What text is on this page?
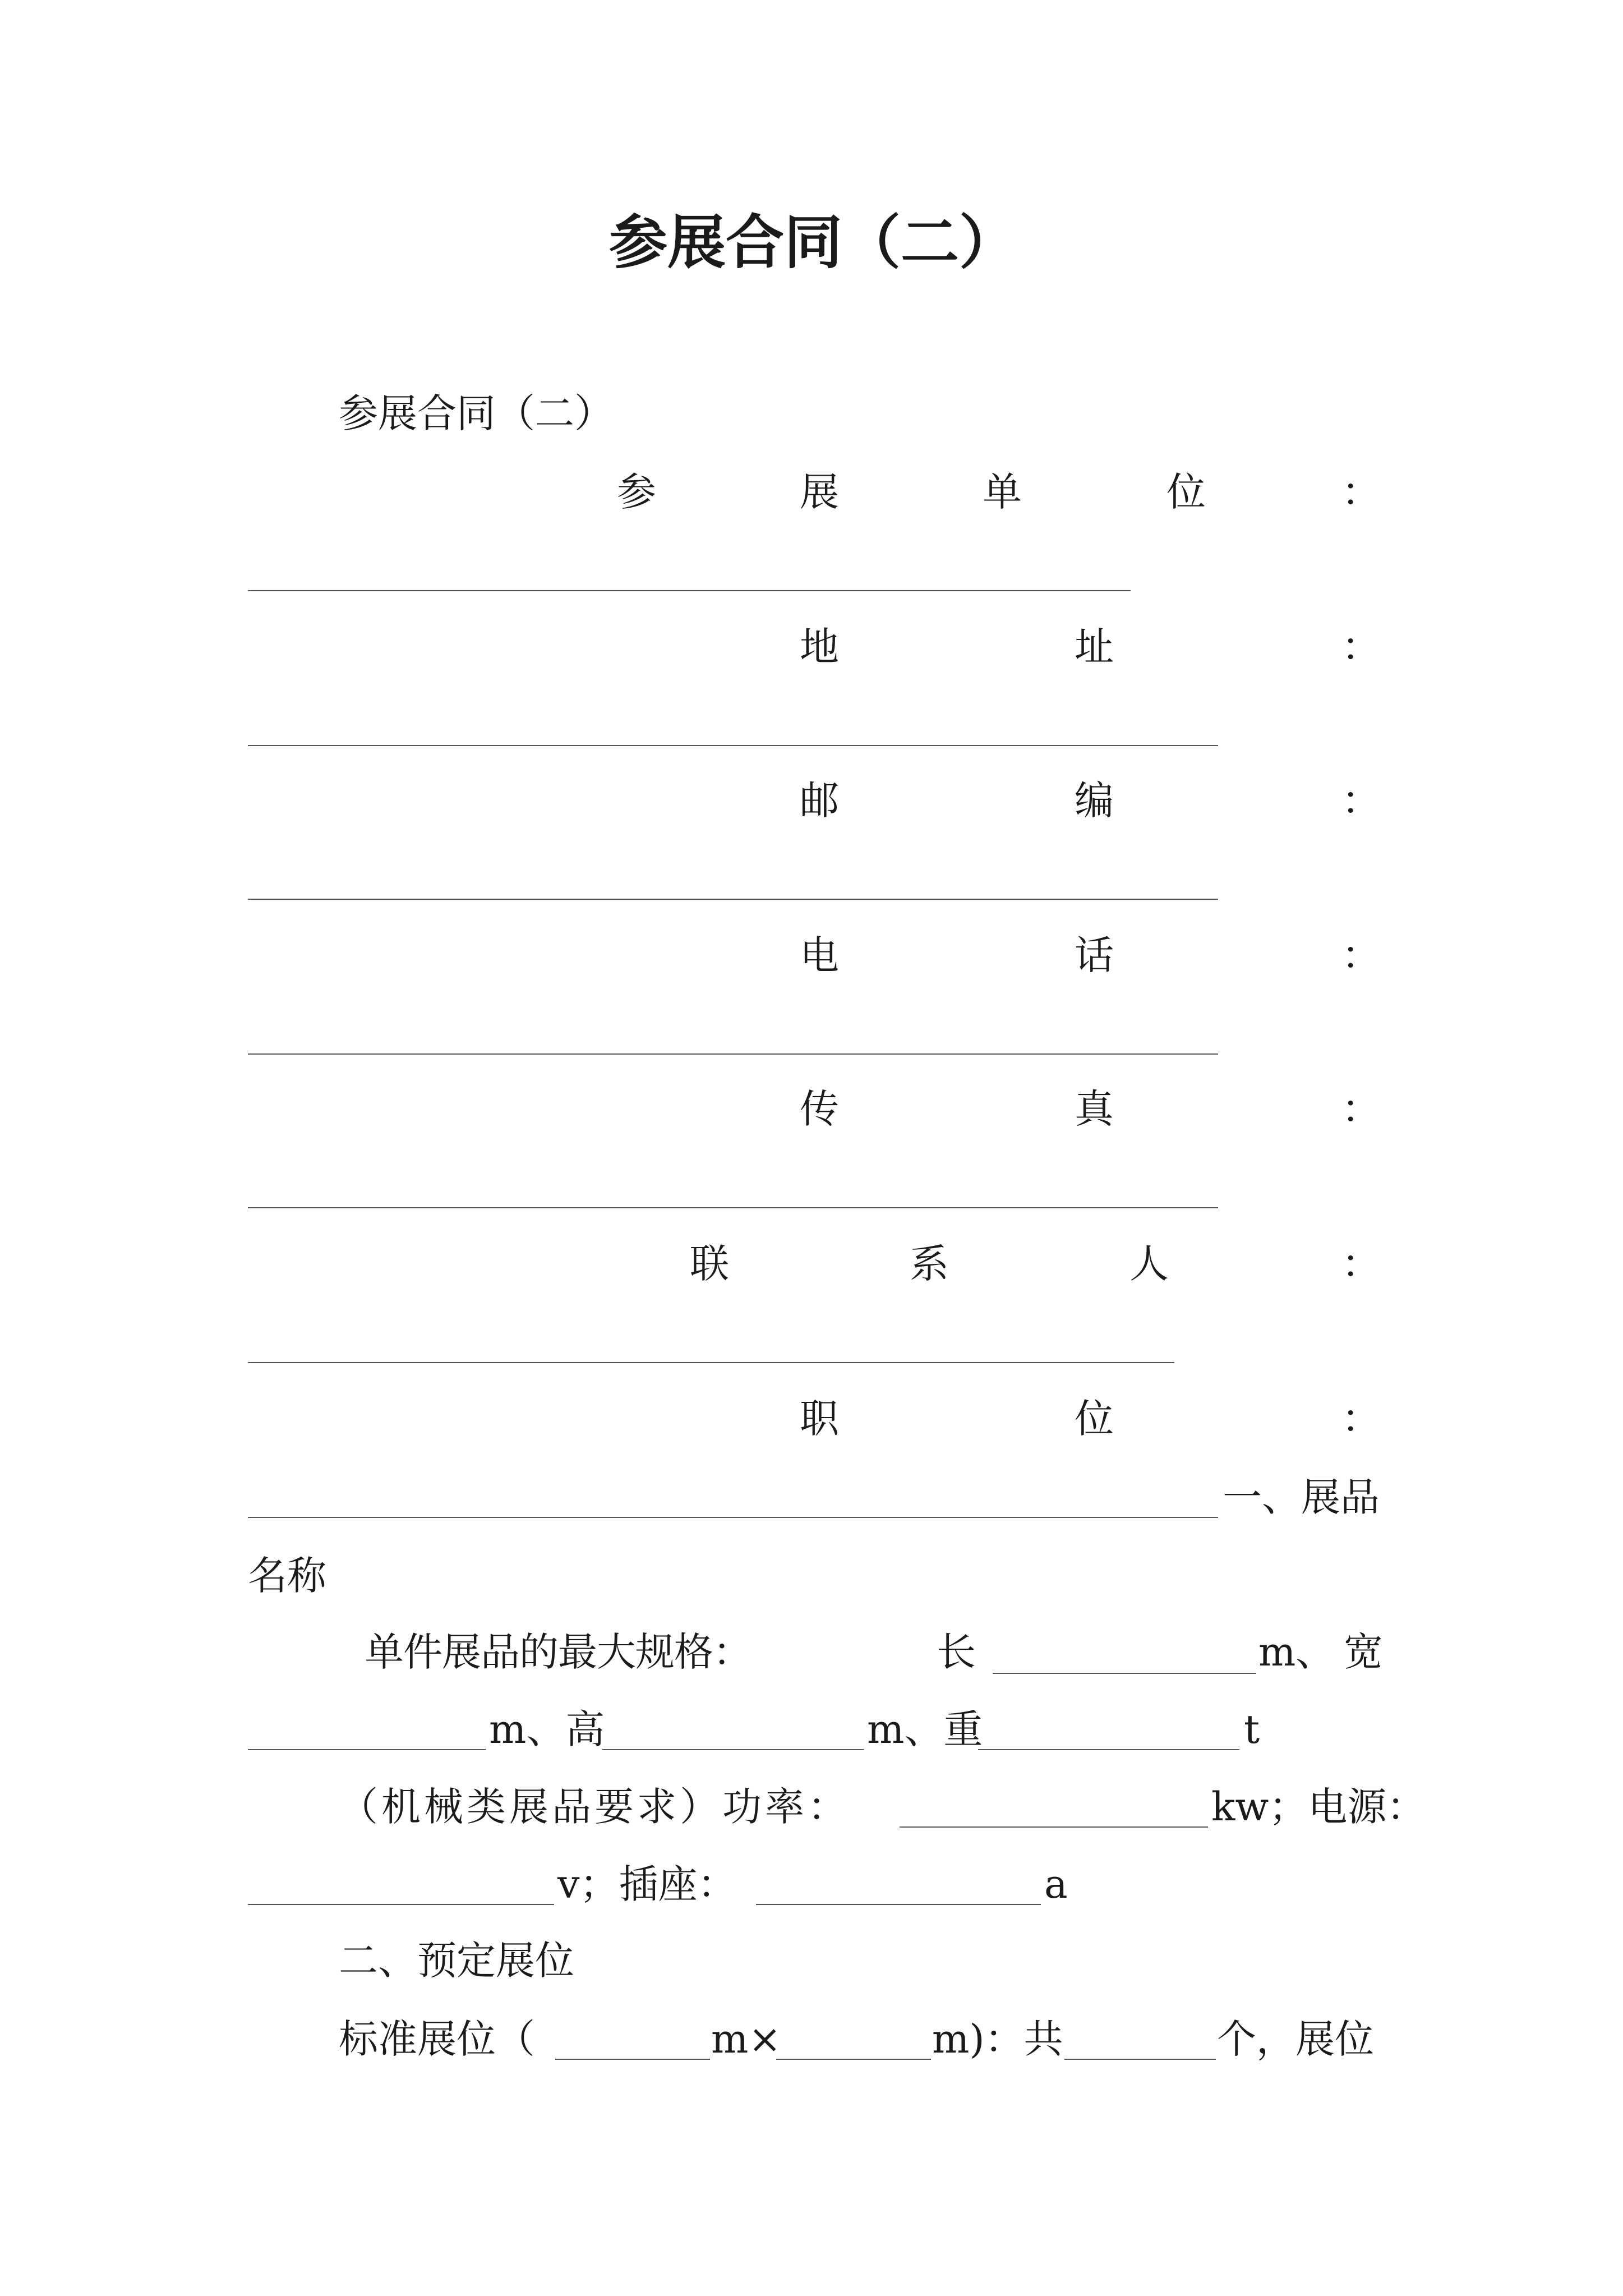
参展合同（二）
参展合同（二）
参	展	单	位	：
地	址	：
邮	编	：
电	话	：
传	真	：
联	系	人	：
职	位	：
一、展品
名称
单 件 展 品 的 最 大 规 格 ：	长	m 、 宽
m、高	m、重	t
（机械类展品要求）功率：	kw；电源：
v；插座：	a
二、预定展位
标准展位（	m×	m)：共	个，展位
